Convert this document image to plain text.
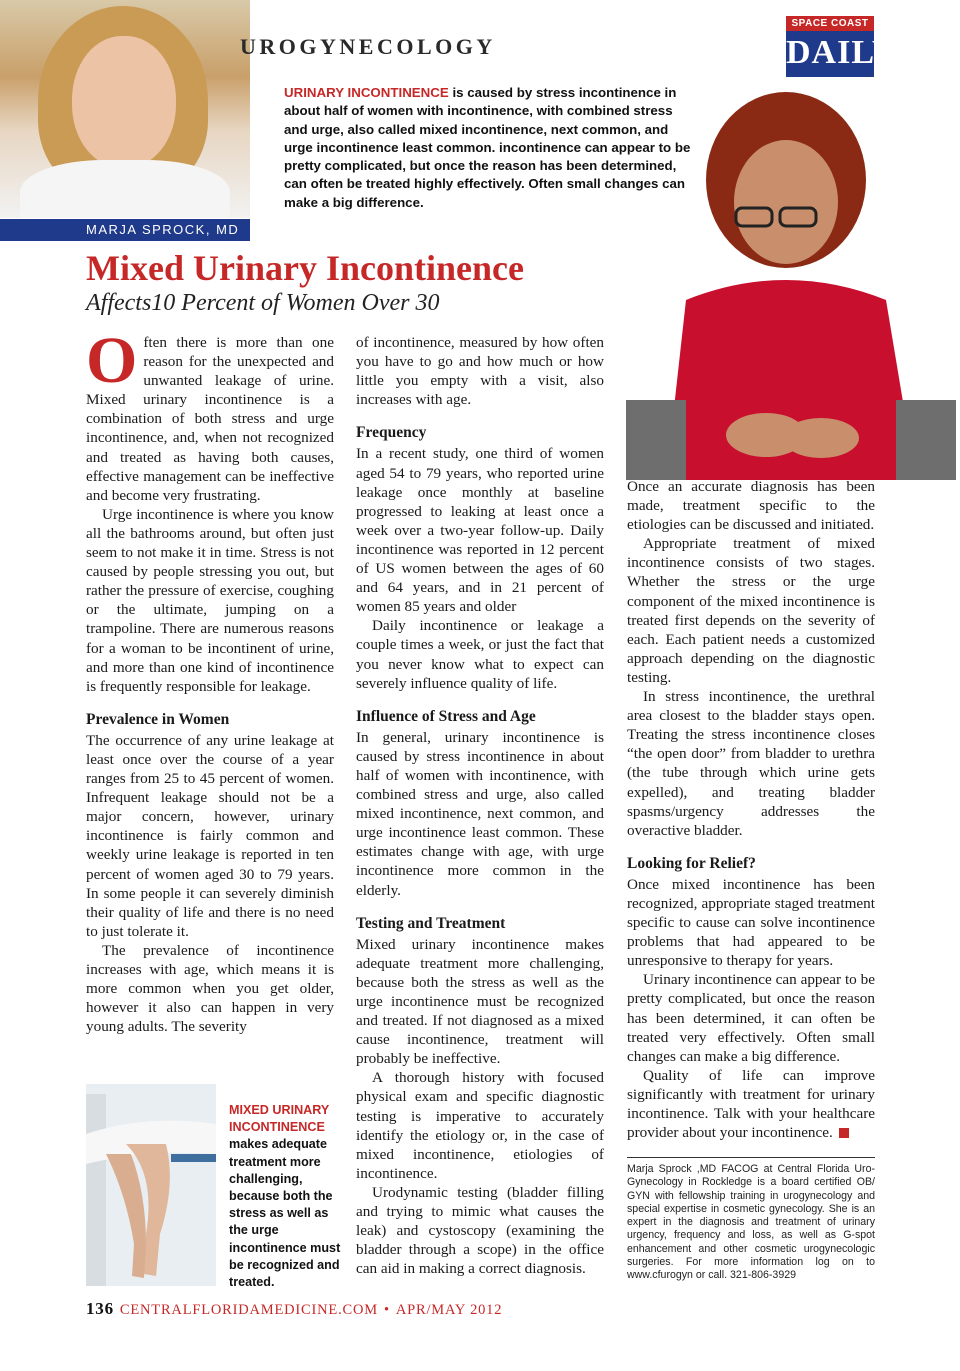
MARJA SPROCK, MD
UROGYNECOLOGY
SPACE COAST
DAILY.com
URINARY INCONTINENCE is caused by stress incontinence in about half of women with incontinence, with combined stress and urge, also called mixed incontinence, next common, and urge incontinence least common. incontinence can appear to be pretty complicated, but once the reason has been determined, can often be treated highly effectively. Often small changes can make a big difference.
Mixed Urinary Incontinence
Affects10 Percent of Women Over 30

Often there is more than one reason for the unexpected and unwanted leakage of urine. Mixed urinary incontinence is a combination of both stress and urge incontinence, and, when not recognized and treated as having both causes, effective management can be ineffective and become very frustrating.

Urge incontinence is where you know all the bathrooms around, but often just seem to not make it in time. Stress is not caused by people stressing you out, but rather the pressure of exercise, coughing or the ultimate, jumping on a trampoline. There are numerous reasons for a woman to be incontinent of urine, and more than one kind of incontinence is frequently responsible for leakage.

Prevalence in Women

The occurrence of any urine leakage at least once over the course of a year ranges from 25 to 45 percent of women. Infrequent leakage should not be a major concern, however, urinary incontinence is fairly common and weekly urine leakage is reported in ten percent of women aged 30 to 79 years. In some people it can severely diminish their quality of life and there is no need to just tolerate it.

The prevalence of incontinence increases with age, which means it is more common when you get older, however it also can happen in very young adults. The severity

of incontinence, measured by how often you have to go and how much or how little you empty with a visit, also increases with age.

Frequency

In a recent study, one third of women aged 54 to 79 years, who reported urine leakage once monthly at baseline progressed to leaking at least once a week over a two-year follow-up. Daily incontinence was reported in 12 percent of US women between the ages of 60 and 64 years, and in 21 percent of women 85 years and older

Daily incontinence or leakage a couple times a week, or just the fact that you never know what to expect can severely influence quality of life.

Influence of Stress and Age

In general, urinary incontinence is caused by stress incontinence in about half of women with incontinence, with combined stress and urge, also called mixed incontinence, next common, and urge incontinence least common. These estimates change with age, with urge incontinence more common in the elderly.

Testing and Treatment

Mixed urinary incontinence makes adequate treatment more challenging, because both the stress as well as the urge incontinence must be recognized and treated. If not diagnosed as a mixed cause incontinence, treatment will probably be ineffective.

A thorough history with focused physical exam and specific diagnostic testing is imperative to accurately identify the etiology or, in the case of mixed incontinence, etiologies of incontinence.

Urodynamic testing (bladder filling and trying to mimic what causes the leak) and cystoscopy (examining the bladder through a scope) in the office can aid in making a correct diagnosis.

Once an accurate diagnosis has been made, treatment specific to the etiologies can be discussed and initiated.

Appropriate treatment of mixed incontinence consists of two stages. Whether the stress or the urge component of the mixed incontinence is treated first depends on the severity of each. Each patient needs a customized approach depending on the diagnostic testing.

In stress incontinence, the urethral area closest to the bladder stays open. Treating the stress incontinence closes “the open door” from bladder to urethra (the tube through which urine gets expelled), and treating bladder spasms/urgency addresses the overactive bladder.

Looking for Relief?

Once mixed incontinence has been recognized, appropriate staged treatment specific to cause can solve incontinence problems that had appeared to be unresponsive to therapy for years.

Urinary incontinence can appear to be pretty complicated, but once the reason has been determined, it can often be treated very effectively. Often small changes can make a big difference.

Quality of life can improve significantly with treatment for urinary incontinence. Talk with your healthcare provider about your incontinence.

MIXED URINARY INCONTINENCE makes adequate treatment more challenging, because both the stress as well as the urge incontinence must be recognized and treated.
Marja Sprock ,MD FACOG at Central Florida Uro-Gynecology in Rockledge is a board certified OB/ GYN with fellowship training in urogynecology and special expertise in cosmetic gynecology. She is an expert in the diagnosis and treatment of urinary urgency, frequency and loss, as well as G-spot enhancement and other cosmetic urogynecologic surgeries. For more information log on to www.cfurogyn or call. 321-806-3929
136 CENTRALFLORIDAMEDICINE.COM • APR/MAY 2012
